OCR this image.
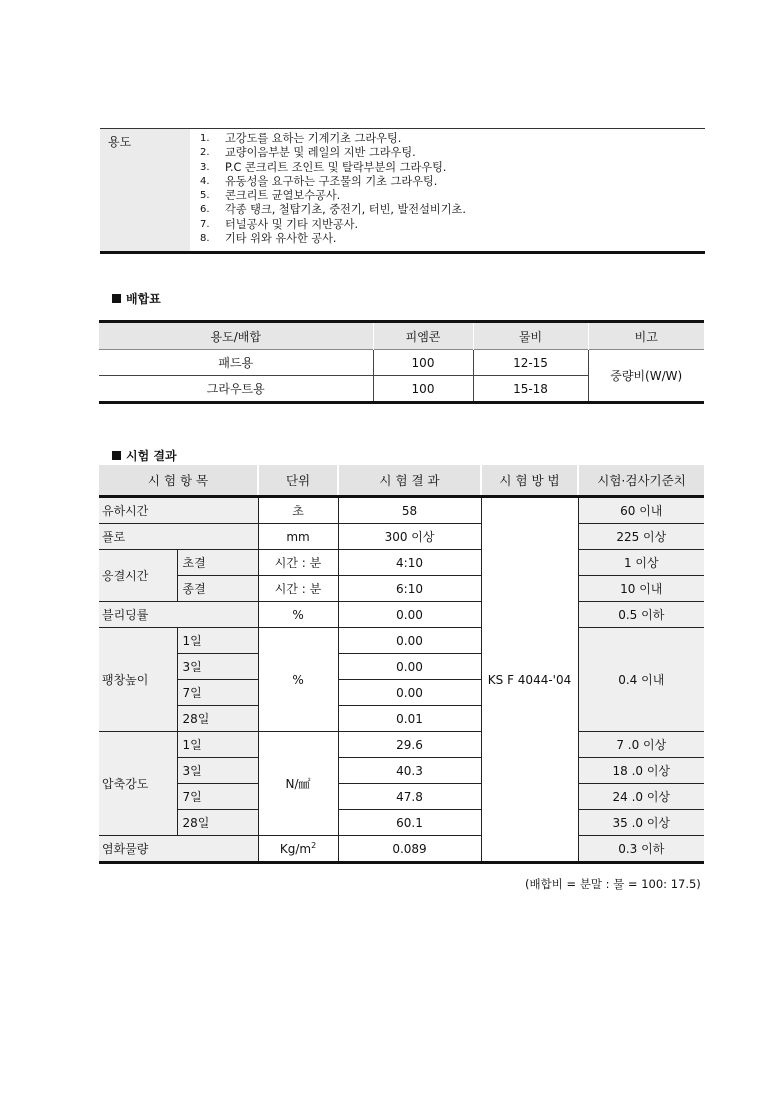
용도	1.	고강도를 요하는 기계기초 그라우팅.
2.	교량이음부분 및 레일의 지반 그라우팅.
3.	P.C 콘크리트 조인트 및 탈락부분의 그라우팅.
4.	유동성을 요구하는 구조물의 기초 그라우팅.
5.	콘크리트 균열보수공사.
6.	각종 탱크, 철탑기초, 중전기, 터빈, 발전설비기초.
7.	터널공사 및 기타 지반공사.
8.	기타 위와 유사한 공사.
배합표
용도/배합	피엠콘	물비	비고
패드용	100	12-15	중량비(W/W)
그라우트용	100	15-18	
시험 결과
시 험 항 목		단위	시 험 결 과	시 험 방 법	시험·검사기준치
유하시간		초	58	KS F 4044-'04	60 이내
플로		mm	300 이상		225 이상
응결시간	초결	시간 : 분	4:10		1 이상
	종결	시간 : 분	6:10		10 이내
블리딩률		%	0.00		0.5 이하
팽창높이	1일	%	0.00		0.4 이내
	3일		0.00		
	7일		0.00		
	28일		0.01		
압축강도	1일	N/㎟	29.6		7 .0 이상
	3일		40.3		18 .0 이상
	7일		47.8		24 .0 이상
	28일		60.1		35 .0 이상
염화물량		$Kg/m^2$	0.089		0.3 이하
(배합비 = 분말 : 물 = 100: 17.5)
